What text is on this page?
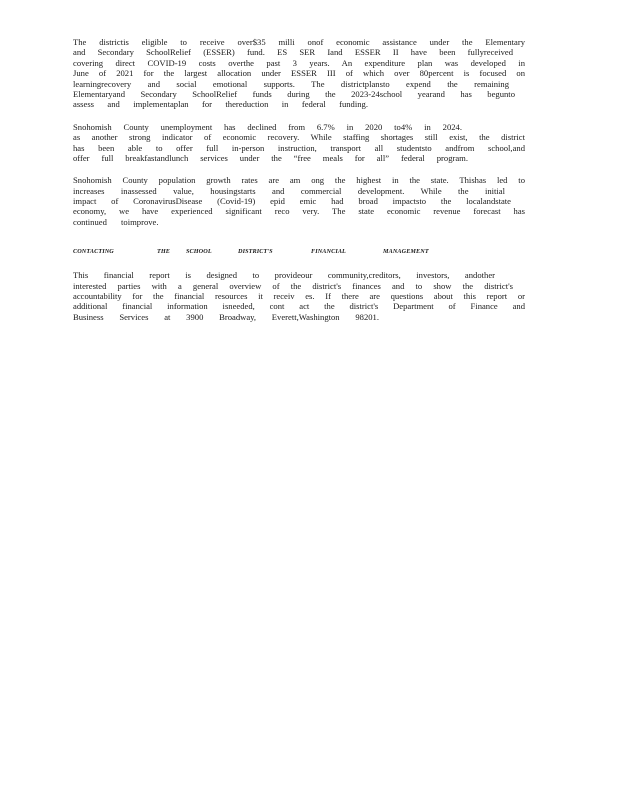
The districtis eligible to receive over$35 milli onof economic assistance under the Elementary
and Secondary SchoolRelief (ESSER) fund. ES SER Iand ESSER II have been fullyreceived
covering direct COVID-19 costs overthe past 3 years. An expenditure plan was developed in
June of 2021 for the largest allocation under ESSER III of which over 80percent is focused on
learningrecovery and social emotional supports. The districtplansto expend the remaining
Elementaryand Secondary SchoolRelief funds during the 2023-24school yearand has begunto
assess and implementaplan for thereduction in federal funding.
Snohomish County unemployment has declined from 6.7% in 2020 to4% in 2024.
as another strong indicator of economic recovery. While staffing shortages still exist, the district
has been able to offer full in-person instruction, transport all studentsto andfrom school,and
offer full breakfastandlunch services under the “free meals for all” federal program.
Snohomish County population growth rates are am ong the highest in the state. Thishas led to
increases inassessed value, housingstarts and commercial development. While the initial
impact of CoronavirusDisease (Covid-19) epid emic had broad impactsto the localandstate
economy, we have experienced significant reco very. The state economic revenue forecast has
continued toimprove.
CONTACTING	THE	SCHOOL	DISTRICT'S	FINANCIAL	MANAGEMENT
This financial report is designed to provideour community,creditors, investors, andother
interested parties with a general overview of the district's finances and to show the district's
accountability for the financial resources it receiv es. If there are questions about this report or
additional financial information isneeded, cont act the district's Department of Finance and
Business Services at 3900 Broadway, Everett,Washington 98201.
